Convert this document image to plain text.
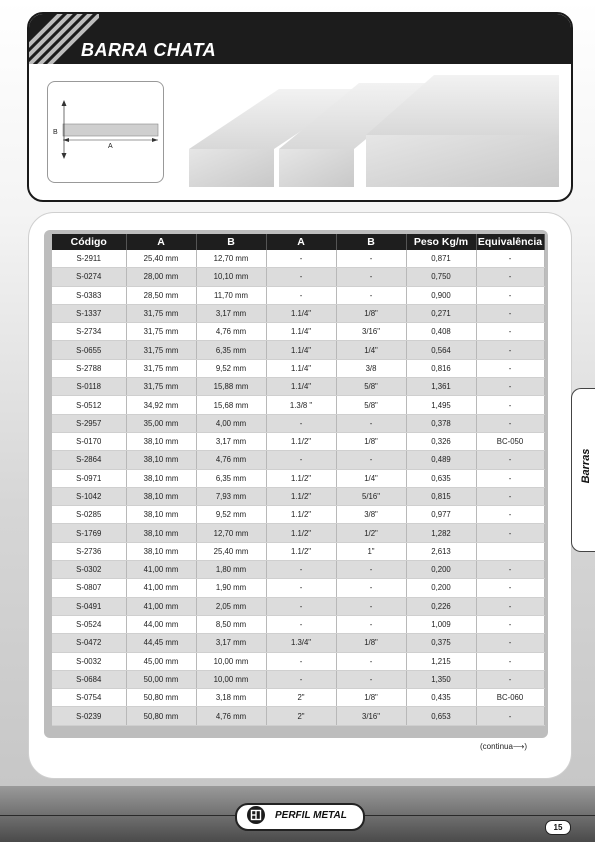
BARRA CHATA
B
A
Código	A	B	A	B	Peso Kg/m	Equivalência
S-2911	25,40 mm	12,70 mm	-	-	0,871	-
S-0274	28,00 mm	10,10 mm	-	-	0,750	-
S-0383	28,50 mm	11,70 mm	-	-	0,900	-
S-1337	31,75 mm	3,17 mm	1.1/4"	1/8"	0,271	-
S-2734	31,75 mm	4,76 mm	1.1/4"	3/16"	0,408	-
S-0655	31,75 mm	6,35 mm	1.1/4"	1/4"	0,564	-
S-2788	31,75 mm	9,52 mm	1.1/4"	3/8	0,816	-
S-0118	31,75 mm	15,88 mm	1.1/4"	5/8"	1,361	-
S-0512	34,92 mm	15,68 mm	1.3/8 "	5/8"	1,495	-
S-2957	35,00 mm	4,00 mm	-	-	0,378	-
S-0170	38,10 mm	3,17 mm	1.1/2"	1/8"	0,326	BC-050
S-2864	38,10 mm	4,76 mm	-	-	0,489	-
S-0971	38,10 mm	6,35 mm	1.1/2"	1/4"	0,635	-
S-1042	38,10 mm	7,93 mm	1.1/2"	5/16"	0,815	-
S-0285	38,10 mm	9,52 mm	1.1/2"	3/8"	0,977	-
S-1769	38,10 mm	12,70 mm	1.1/2"	1/2"	1,282	-
S-2736	38,10 mm	25,40 mm	1.1/2"	1"	2,613	
S-0302	41,00 mm	1,80 mm	-	-	0,200	-
S-0807	41,00 mm	1,90 mm	-	-	0,200	-
S-0491	41,00 mm	2,05 mm	-	-	0,226	-
S-0524	44,00 mm	8,50 mm	-	-	1,009	-
S-0472	44,45 mm	3,17 mm	1.3/4"	1/8"	0,375	-
S-0032	45,00 mm	10,00 mm	-	-	1,215	-
S-0684	50,00 mm	10,00 mm	-	-	1,350	-
S-0754	50,80 mm	3,18 mm	2"	1/8"	0,435	BC-060
S-0239	50,80 mm	4,76 mm	2"	3/16"	0,653	-
(continua⟶)
Barras
PERFIL METAL
15
